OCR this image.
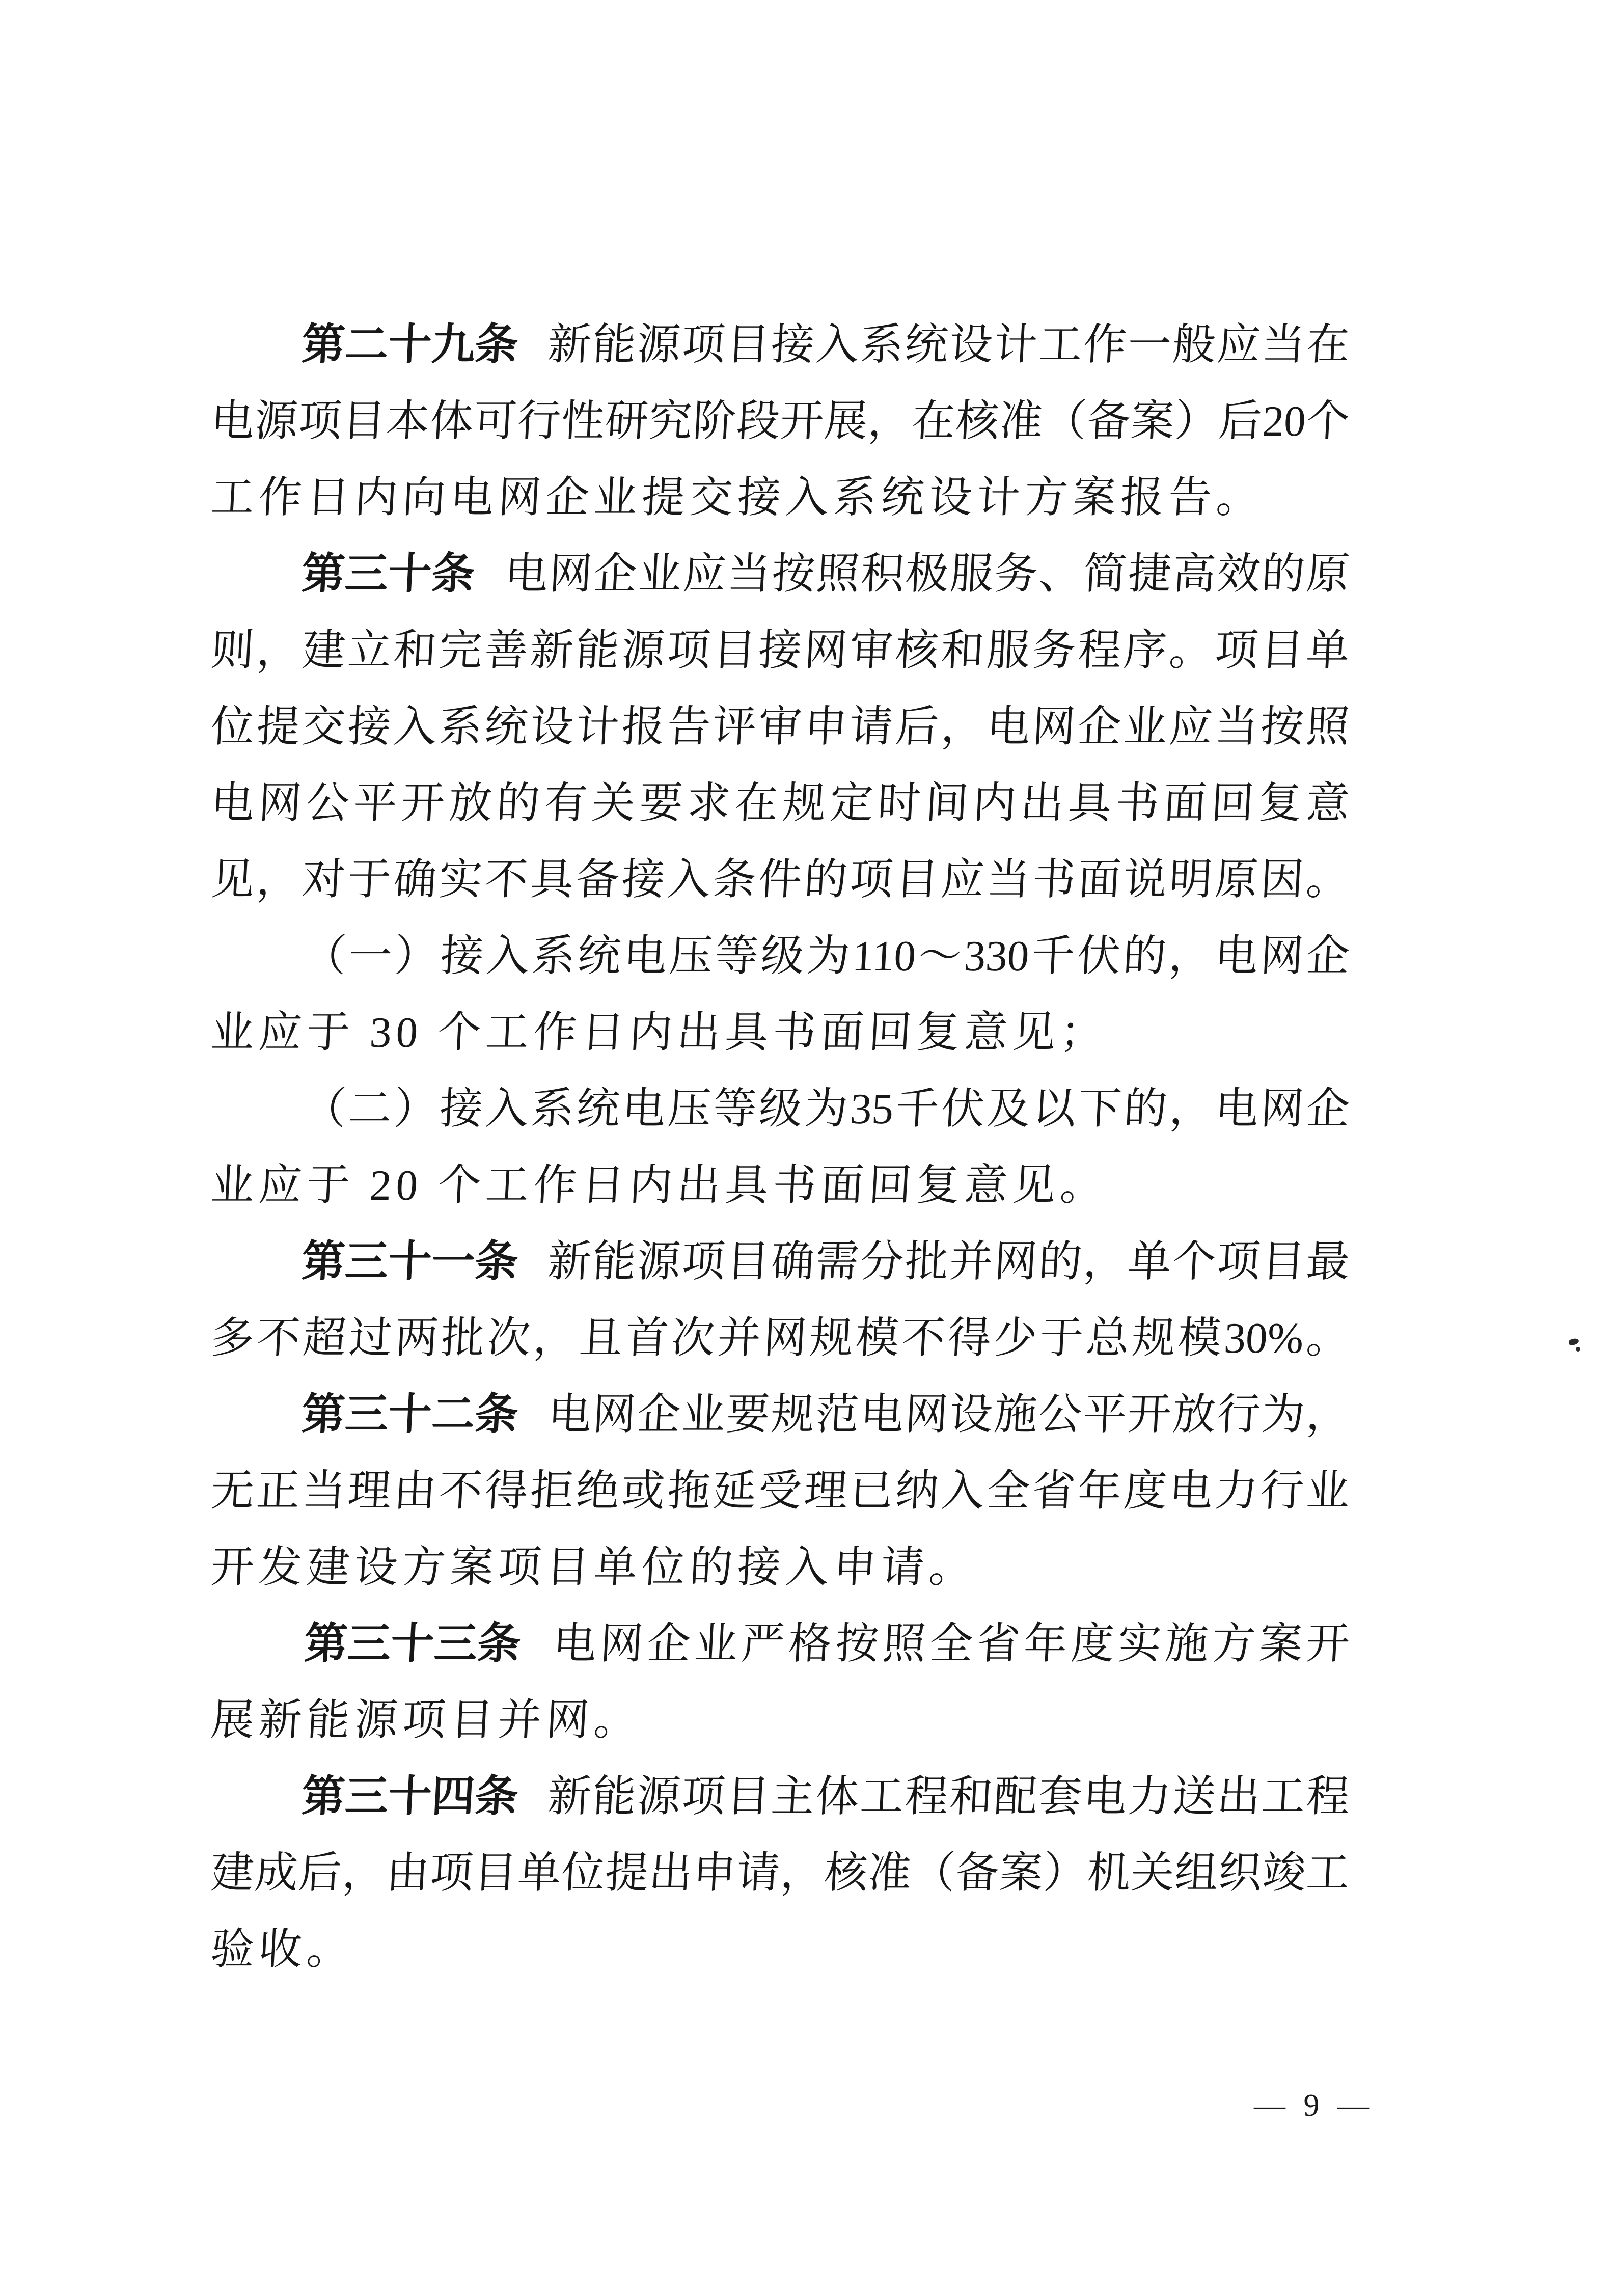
第二十九条 新
能
源
项
目
接
入
系
统
设
计
工
作
一
般
应
当
在
电
源
项
目
本
体
可
行
性
研
究
阶
段
开
展
，
在
核
准
（
备
案
）
后
20
个
工作日内向电网企业提交接入系统设计方案报告。
第三十条 电
网
企
业
应
当
按
照
积
极
服
务
、
简
捷
高
效
的
原
则 ， 建 立 和 完 善 新 能 源 项 目 接 网 审 核 和 服 务 程 序 。 项 目 单
位 提 交 接 入 系 统 设 计 报 告 评 审 申 请 后 ， 电 网 企 业 应 当 按 照
电 网 公 平 开 放 的 有 关 要 求 在 规 定 时 间 内 出 具 书 面 回 复 意
见 ， 对 于 确 实 不 具 备 接 入 条 件 的 项 目 应 当 书 面 说 明 原 因 。
（ 一 ） 接 入 系 统 电 压 等 级 为 110 ～ 330 千 伏 的 ， 电 网 企
业应于 30 个工作日内出具书面回复意见；
（ 二 ） 接 入 系 统 电 压 等 级 为 35 千 伏 及 以 下 的 ， 电 网 企
业应于 20 个工作日内出具书面回复意见。
第三十一条 新
能
源
项
目
确
需
分
批
并
网
的
，
单
个
项
目
最
多 不 超 过 两 批 次 ， 且 首 次 并 网 规 模 不 得 少 于 总 规 模 30% 。
第三十二条 电
网
企
业
要
规
范
电
网
设
施
公
平
开
放
行
为
，
无 正 当 理 由 不 得 拒 绝 或 拖 延 受 理 已 纳 入 全 省 年 度 电 力 行 业
开发建设方案项目单位的接入申请。
第三十三条 电 网 企 业 严 格 按 照 全 省 年 度 实 施 方 案 开
展新能源项目并网。
第三十四条 新
能
源
项
目
主
体
工
程
和
配
套
电
力
送
出
工
程
建
成
后
，
由
项
目
单
位
提
出
申
请
，
核
准
（
备
案
）
机
关
组
织
竣
工
验收。
— 9 —
